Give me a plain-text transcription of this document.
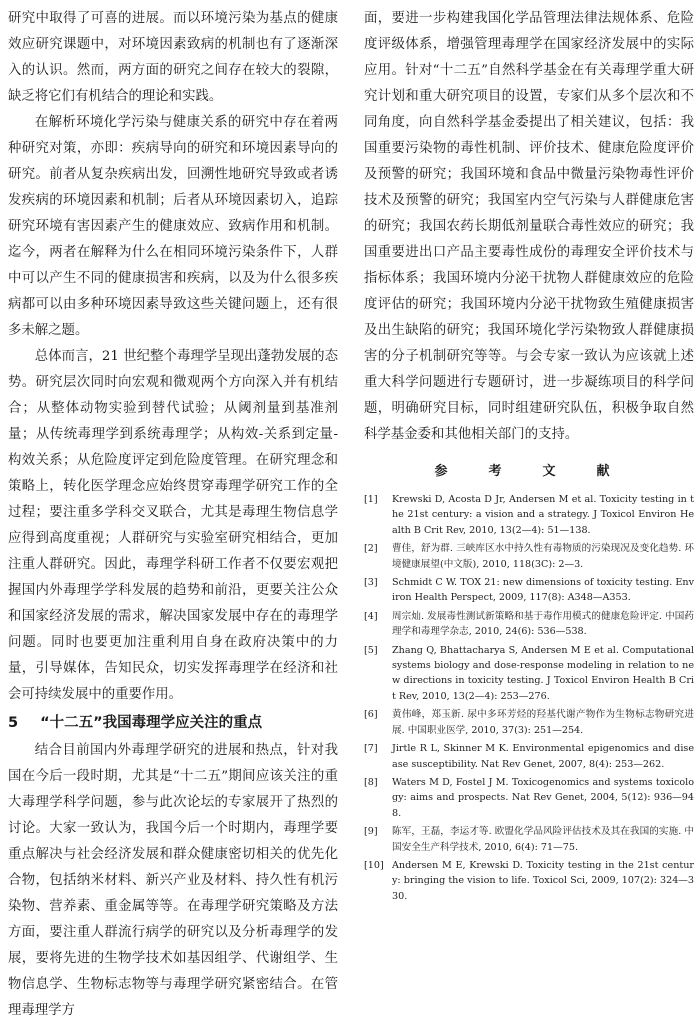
研究中取得了可喜的进展。而以环境污染为基点的健康效应研究课题中，对环境因素致病的机制也有了逐渐深入的认识。然而，两方面的研究之间存在较大的裂隙，缺乏将它们有机结合的理论和实践。

在解析环境化学污染与健康关系的研究中存在着两种研究对策，亦即：疾病导向的研究和环境因素导向的研究。前者从复杂疾病出发，回溯性地研究导致或者诱发疾病的环境因素和机制；后者从环境因素切入，追踪研究环境有害因素产生的健康效应、致病作用和机制。迄今，两者在解释为什么在相同环境污染条件下，人群中可以产生不同的健康损害和疾病，以及为什么很多疾病都可以由多种环境因素导致这些关键问题上，还有很多未解之题。

总体而言，21 世纪整个毒理学呈现出蓬勃发展的态势。研究层次同时向宏观和微观两个方向深入并有机结合；从整体动物实验到替代试验；从阈剂量到基准剂量；从传统毒理学到系统毒理学；从构效-关系到定量-构效关系；从危险度评定到危险度管理。在研究理念和策略上，转化医学理念应始终贯穿毒理学研究工作的全过程；要注重多学科交叉联合，尤其是毒理生物信息学应得到高度重视；人群研究与实验室研究相结合，更加注重人群研究。因此，毒理学科研工作者不仅要宏观把握国内外毒理学学科发展的趋势和前沿，更要关注公众和国家经济发展的需求，解决国家发展中存在的毒理学问题。同时也要更加注重利用自身在政府决策中的力量，引导媒体，告知民众，切实发挥毒理学在经济和社会可持续发展中的重要作用。

5 “十二五”我国毒理学应关注的重点

结合目前国内外毒理学研究的进展和热点，针对我国在今后一段时期，尤其是“十二五”期间应该关注的重大毒理学科学问题，参与此次论坛的专家展开了热烈的讨论。大家一致认为，我国今后一个时期内，毒理学要重点解决与社会经济发展和群众健康密切相关的优先化合物，包括纳米材料、新兴产业及材料、持久性有机污染物、营养素、重金属等等。在毒理学研究策略及方法方面，要注重人群流行病学的研究以及分析毒理学的发展，要将先进的生物学技术如基因组学、代谢组学、生物信息学、生物标志物等与毒理学研究紧密结合。在管理毒理学方

面，要进一步构建我国化学品管理法律法规体系、危险度评级体系，增强管理毒理学在国家经济发展中的实际应用。针对“十二五”自然科学基金在有关毒理学重大研究计划和重大研究项目的设置，专家们从多个层次和不同角度，向自然科学基金委提出了相关建议，包括：我国重要污染物的毒性机制、评价技术、健康危险度评价及预警的研究；我国环境和食品中微量污染物毒性评价技术及预警的研究；我国室内空气污染与人群健康危害的研究；我国农药长期低剂量联合毒性效应的研究；我国重要进出口产品主要毒性成份的毒理安全评价技术与指标体系；我国环境内分泌干扰物人群健康效应的危险度评估的研究；我国环境内分泌干扰物致生殖健康损害及出生缺陷的研究；我国环境化学污染物致人群健康损害的分子机制研究等等。与会专家一致认为应该就上述重大科学问题进行专题研讨，进一步凝练项目的科学问题，明确研究目标，同时组建研究队伍，积极争取自然科学基金委和其他相关部门的支持。

参　考　文　献
[1]	Krewski D, Acosta D Jr, Andersen M et al. Toxicity testing in the 21st century: a vision and a strategy. J Toxicol Environ Health B Crit Rev, 2010, 13(2—4): 51—138.
[2]	曹佳，舒为群. 三峡库区水中持久性有毒物质的污染现况及变化趋势. 环境健康展望(中文版), 2010, 118(3C): 2—3.
[3]	Schmidt C W. TOX 21: new dimensions of toxicity testing. Environ Health Perspect, 2009, 117(8): A348—A353.
[4]	周宗灿. 发展毒性测试新策略和基于毒作用模式的健康危险评定. 中国药理学和毒理学杂志, 2010, 24(6): 536—538.
[5]	Zhang Q, Bhattacharya S, Andersen M E et al. Computational systems biology and dose-response modeling in relation to new directions in toxicity testing. J Toxicol Environ Health B Crit Rev, 2010, 13(2—4): 253—276.
[6]	黄伟峰，郑玉新. 尿中多环芳烃的羟基代谢产物作为生物标志物研究进展. 中国职业医学, 2010, 37(3): 251—254.
[7]	Jirtle R L, Skinner M K. Environmental epigenomics and disease susceptibility. Nat Rev Genet, 2007, 8(4): 253—262.
[8]	Waters M D, Fostel J M. Toxicogenomics and systems toxicology: aims and prospects. Nat Rev Genet, 2004, 5(12): 936—948.
[9]	陈军，王磊，李运才等. 欧盟化学品风险评估技术及其在我国的实施. 中国安全生产科学技术, 2010, 6(4): 71—75.
[10] Andersen M E, Krewski D. Toxicity testing in the 21st century: bringing the vision to life. Toxicol Sci, 2009, 107(2): 324—330.
